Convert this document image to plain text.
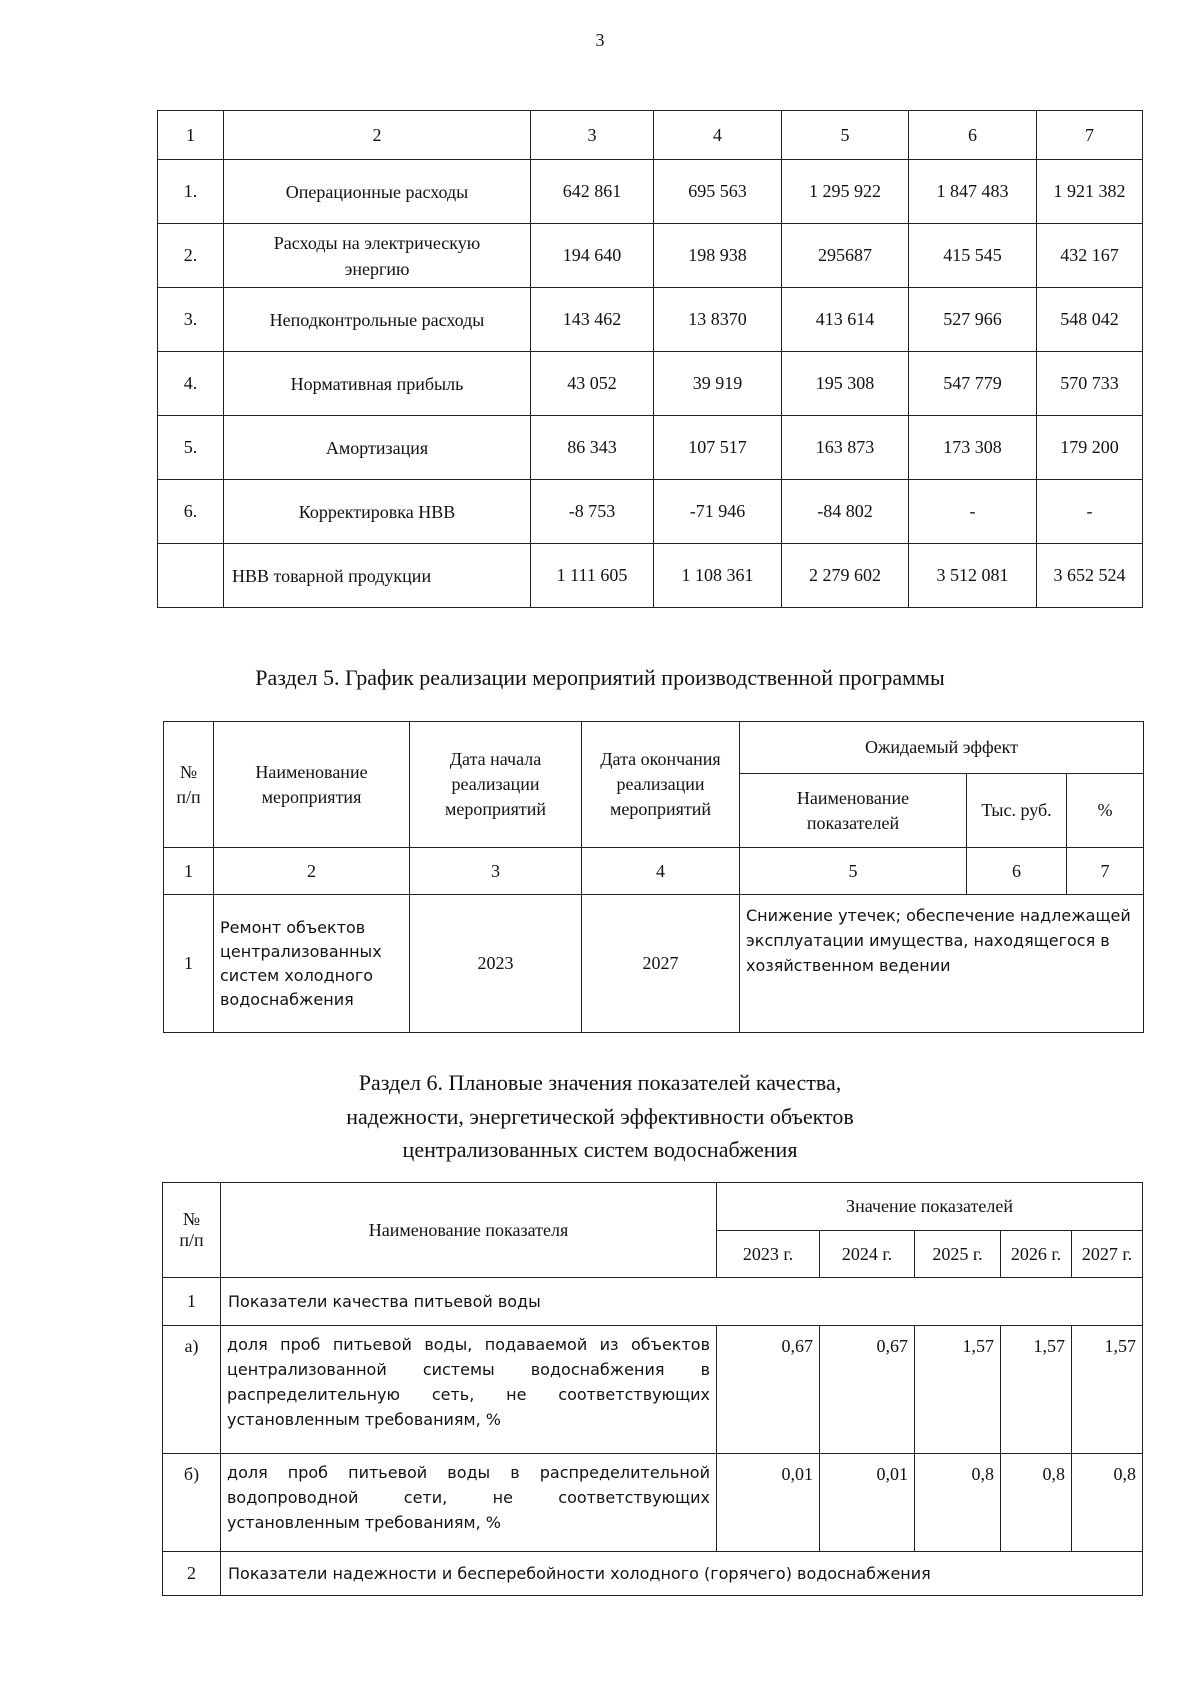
3
1	2	3	4	5	6	7
1.	Операционные расходы	642 861	695 563	1 295 922	1 847 483	1 921 382
2.	Расходы на электрическую энергию	194 640	198 938	295687	415 545	432 167
3.	Неподконтрольные расходы	143 462	13 8370	413 614	527 966	548 042
4.	Нормативная прибыль	43 052	39 919	195 308	547 779	570 733
5.	Амортизация	86 343	107 517	163 873	173 308	179 200
6.	Корректировка НВВ	-8 753	-71 946	-84 802	-	-
	НВВ товарной продукции	1 111 605	1 108 361	2 279 602	3 512 081	3 652 524
Раздел 5. График реализации мероприятий производственной программы
№ п/п	Наименование мероприятия	Дата начала реализации мероприятий	Дата окончания реализации мероприятий	Ожидаемый эффект		
				Наименование показателей	Тыс. руб.	%
1	2	3	4	5	6	7
1	Ремонт объектов централизованных систем холодного водоснабжения	2023	2027	Снижение утечек; обеспечение надлежащей эксплуатации имущества, находящегося в хозяйственном ведении		
Раздел 6. Плановые значения показателей качества,
надежности, энергетической эффективности объектов
централизованных систем водоснабжения
№ п/п	Наименование показателя	Значение показателей				
		2023 г.	2024 г.	2025 г.	2026 г.	2027 г.
1	Показатели качества питьевой воды					
а)	доля проб питьевой воды, подаваемой из объектов централизованной системы водоснабжения в распределительную сеть, не соответствующих установленным требованиям, %	0,67	0,67	1,57	1,57	1,57
б)	доля проб питьевой воды в распределительной водопроводной сети, не соответствующих установленным требованиям, %	0,01	0,01	0,8	0,8	0,8
2	Показатели надежности и бесперебойности холодного (горячего) водоснабжения					
